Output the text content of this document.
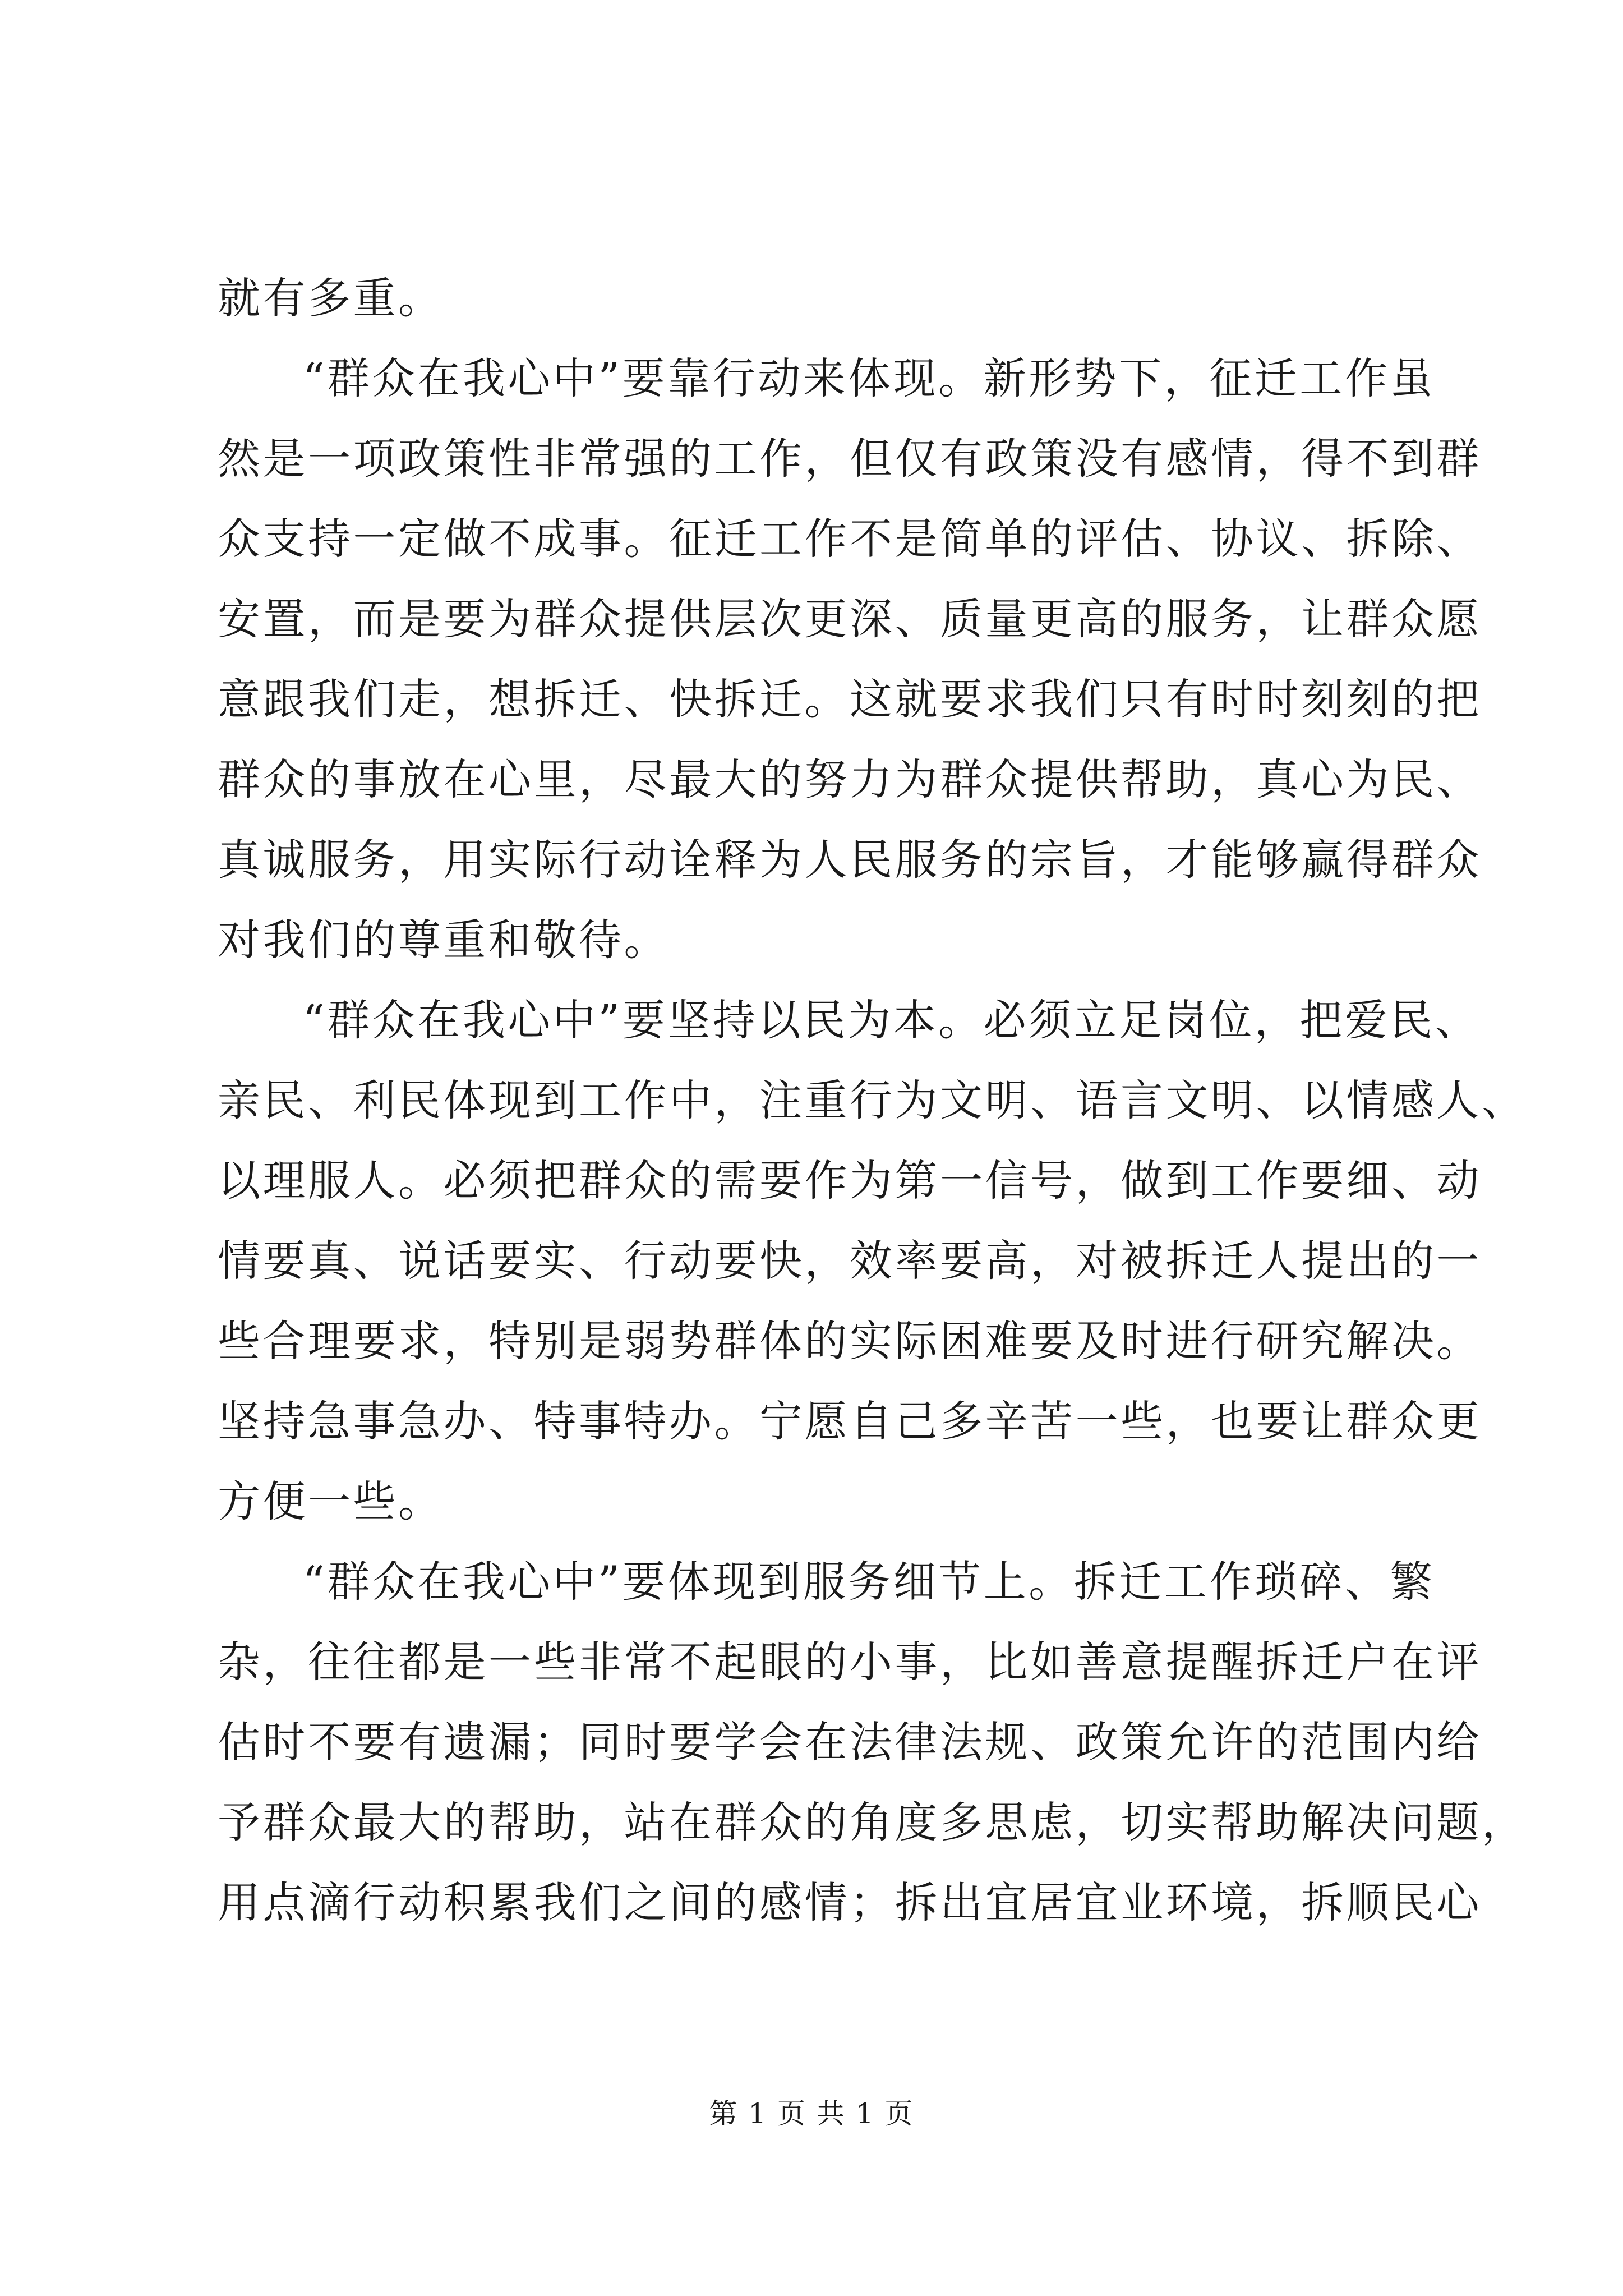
就有多重。
“群众在我心中”要靠行动来体现。新形势下，征迁工作虽
然是一项政策性非常强的工作，但仅有政策没有感情，得不到群
众支持一定做不成事。征迁工作不是简单的评估、协议、拆除、
安置，而是要为群众提供层次更深、质量更高的服务，让群众愿
意跟我们走，想拆迁、快拆迁。这就要求我们只有时时刻刻的把
群众的事放在心里，尽最大的努力为群众提供帮助，真心为民、
真诚服务，用实际行动诠释为人民服务的宗旨，才能够赢得群众
对我们的尊重和敬待。
“群众在我心中”要坚持以民为本。必须立足岗位，把爱民、
亲民、利民体现到工作中，注重行为文明、语言文明、以情感人、
以理服人。必须把群众的需要作为第一信号，做到工作要细、动
情要真、说话要实、行动要快，效率要高，对被拆迁人提出的一
些合理要求，特别是弱势群体的实际困难要及时进行研究解决。
坚持急事急办、特事特办。宁愿自己多辛苦一些，也要让群众更
方便一些。
“群众在我心中”要体现到服务细节上。拆迁工作琐碎、繁
杂，往往都是一些非常不起眼的小事，比如善意提醒拆迁户在评
估时不要有遗漏；同时要学会在法律法规、政策允许的范围内给
予群众最大的帮助，站在群众的角度多思虑，切实帮助解决问题，
用点滴行动积累我们之间的感情；拆出宜居宜业环境，拆顺民心
第 1 页 共 1 页
